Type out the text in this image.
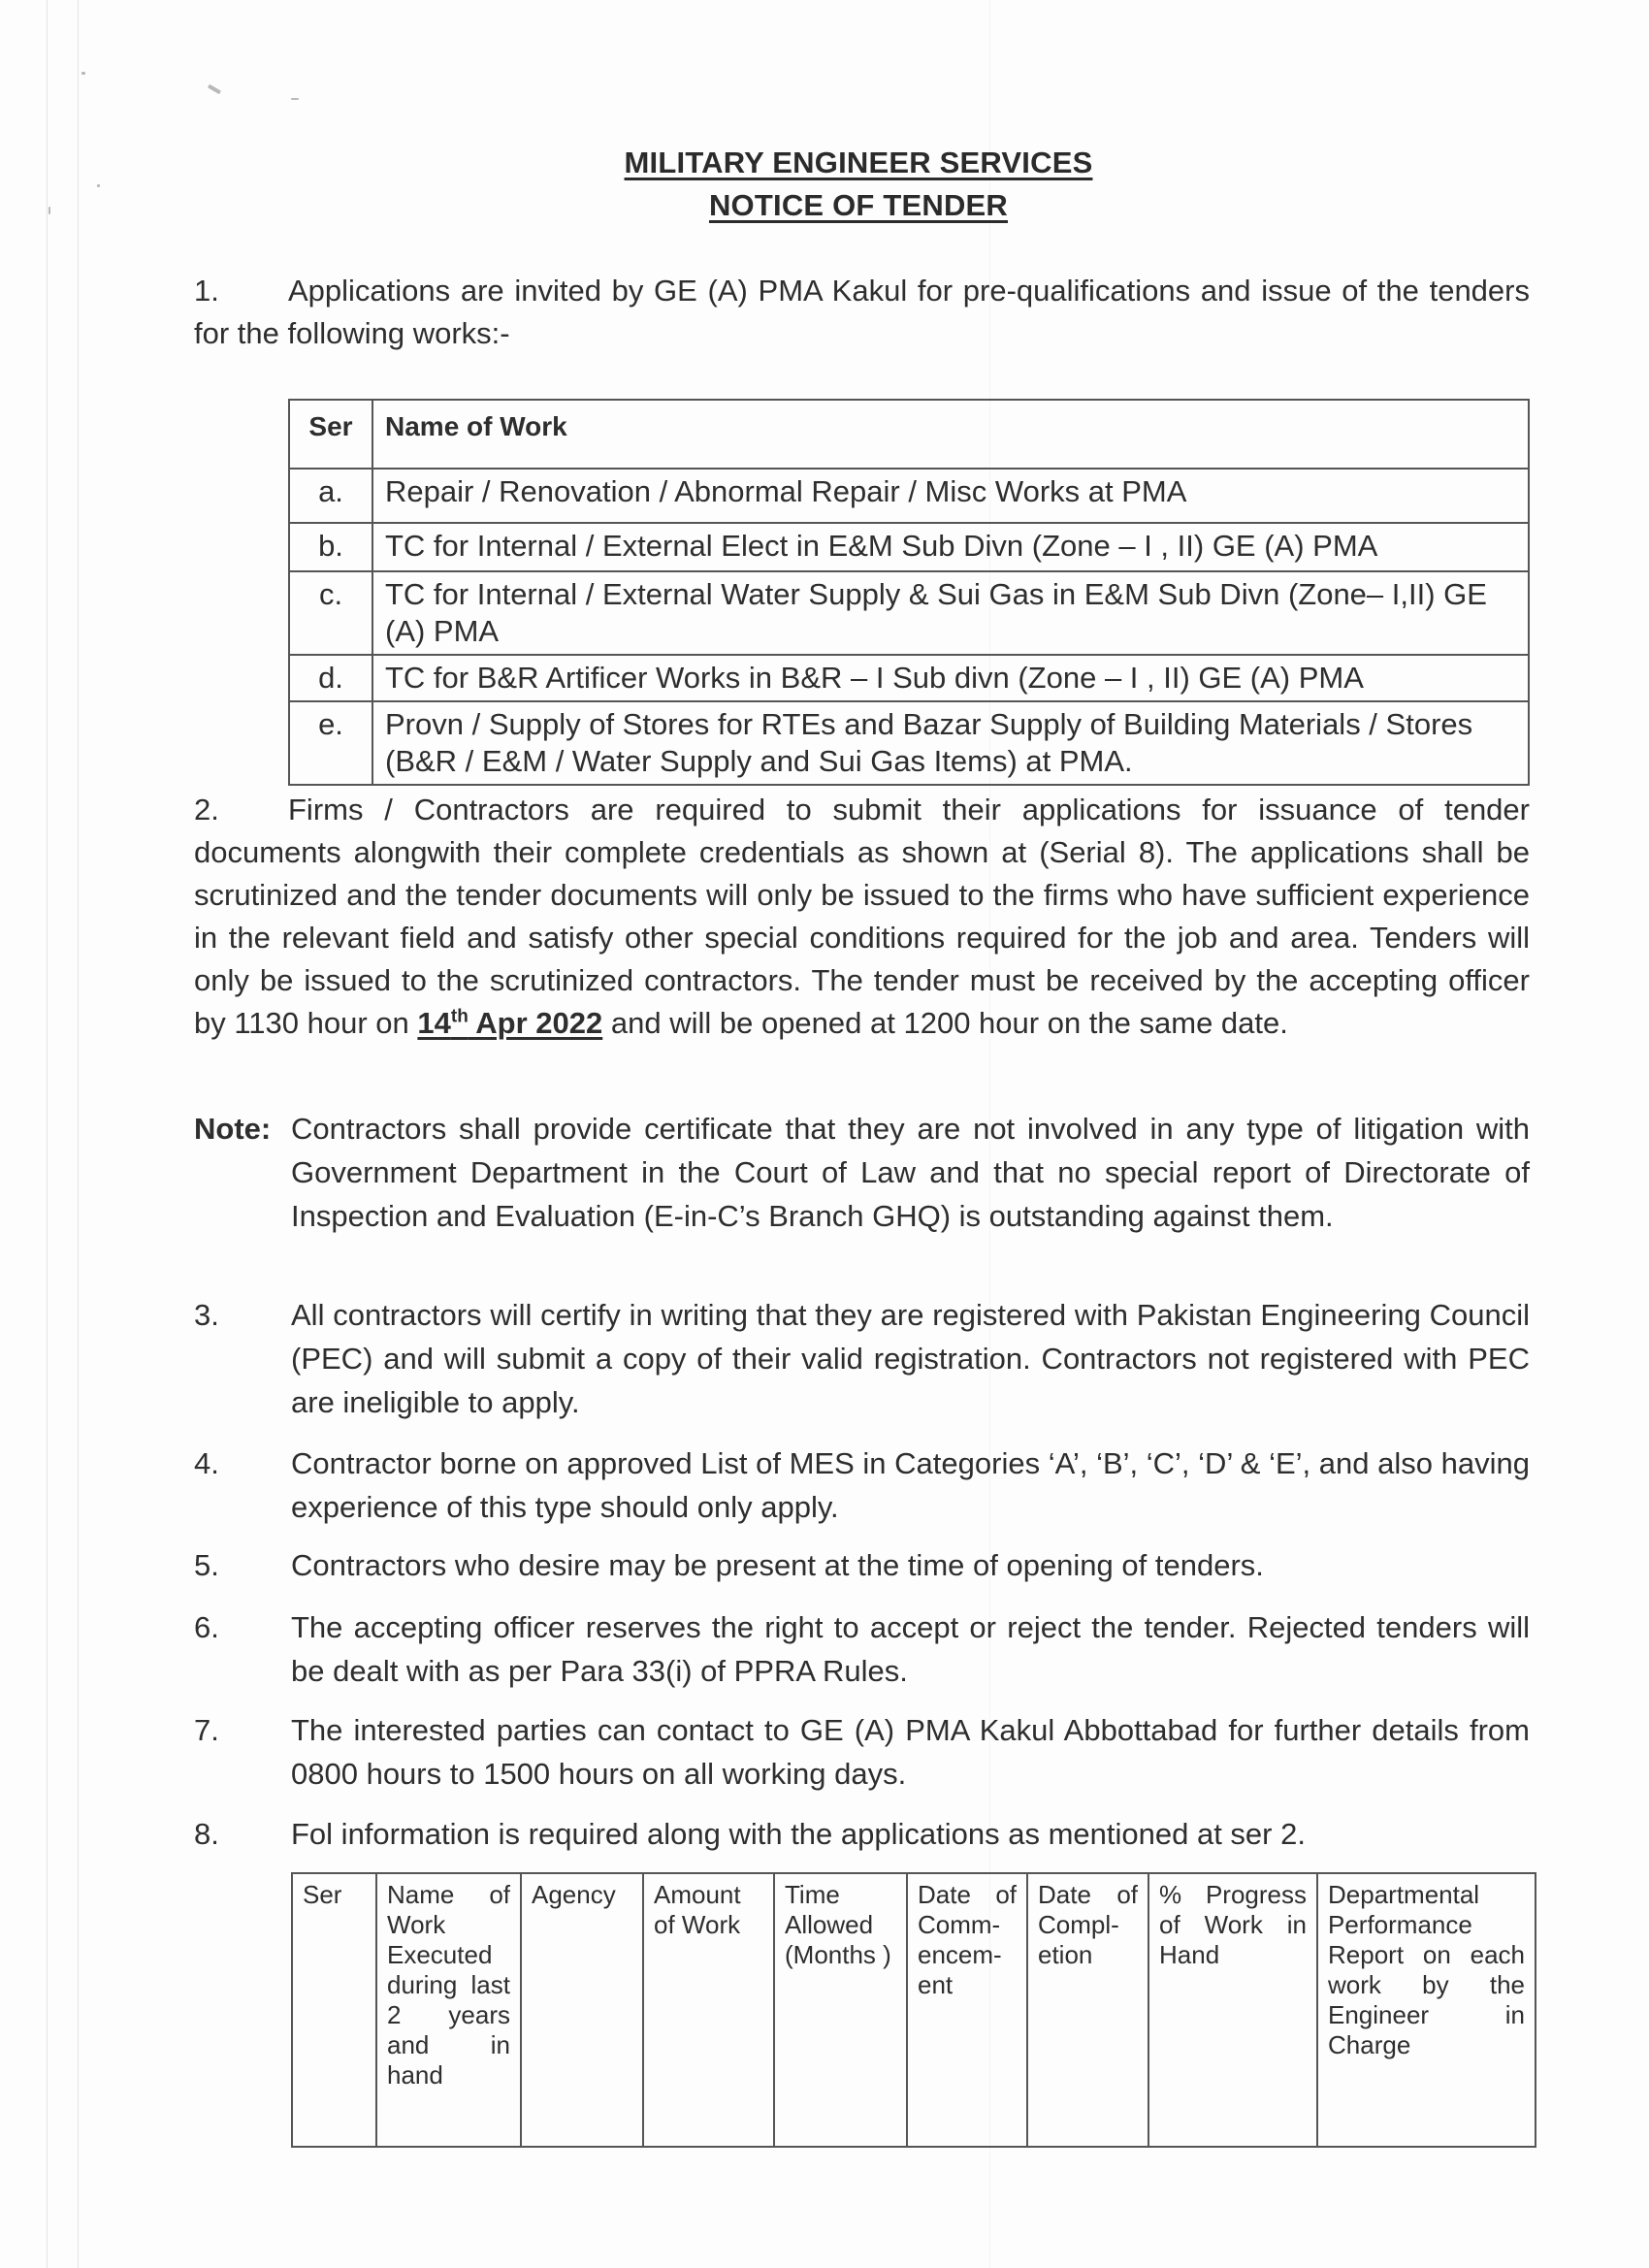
MILITARY ENGINEER SERVICES
NOTICE OF TENDER
1. Applications are invited by GE (A) PMA Kakul for pre-qualifications and issue of the tenders for the following works:-
Ser	Name of Work
a.	Repair / Renovation / Abnormal Repair / Misc Works at PMA
b.	TC for Internal / External Elect in E&M Sub Divn (Zone – I , II) GE (A) PMA
c.	TC for Internal / External Water Supply & Sui Gas in E&M Sub Divn (Zone– I,II) GE (A) PMA
d.	TC for B&R Artificer Works in B&R – I Sub divn (Zone – I , II) GE (A) PMA
e.	Provn / Supply of Stores for RTEs and Bazar Supply of Building Materials / Stores (B&R / E&M / Water Supply and Sui Gas Items) at PMA.
2. Firms / Contractors are required to submit their applications for issuance of tender documents alongwith their complete credentials as shown at (Serial 8). The applications shall be scrutinized and the tender documents will only be issued to the firms who have sufficient experience in the relevant field and satisfy other special conditions required for the job and area. Tenders will only be issued to the scrutinized contractors. The tender must be received by the accepting officer by 1130 hour on 14th Apr 2022 and will be opened at 1200 hour on the same date.
Note: Contractors shall provide certificate that they are not involved in any type of litigation with Government Department in the Court of Law and that no special report of Directorate of Inspection and Evaluation (E-in-C’s Branch GHQ) is outstanding against them.
3.	All contractors will certify in writing that they are registered with Pakistan Engineering Council (PEC) and will submit a copy of their valid registration. Contractors not registered with PEC are ineligible to apply.
4.	Contractor borne on approved List of MES in Categories ‘A’, ‘B’, ‘C’, ‘D’ & ‘E’, and also having experience of this type should only apply.
5.	Contractors who desire may be present at the time of opening of tenders.
6.	The accepting officer reserves the right to accept or reject the tender. Rejected tenders will be dealt with as per Para 33(i) of PPRA Rules.
7.	The interested parties can contact to GE (A) PMA Kakul Abbottabad for further details from 0800 hours to 1500 hours on all working days.
8.	Fol information is required along with the applications as mentioned at ser 2.
Ser	Name of Work Executed during last 2 years and in hand	Agency	Amount of Work	Time Allowed (Months )	Date of Comm-encem-ent	Date of Compl-etion	% Progress of Work in Hand	Departmental Performance Report on each work by the Engineer in Charge
